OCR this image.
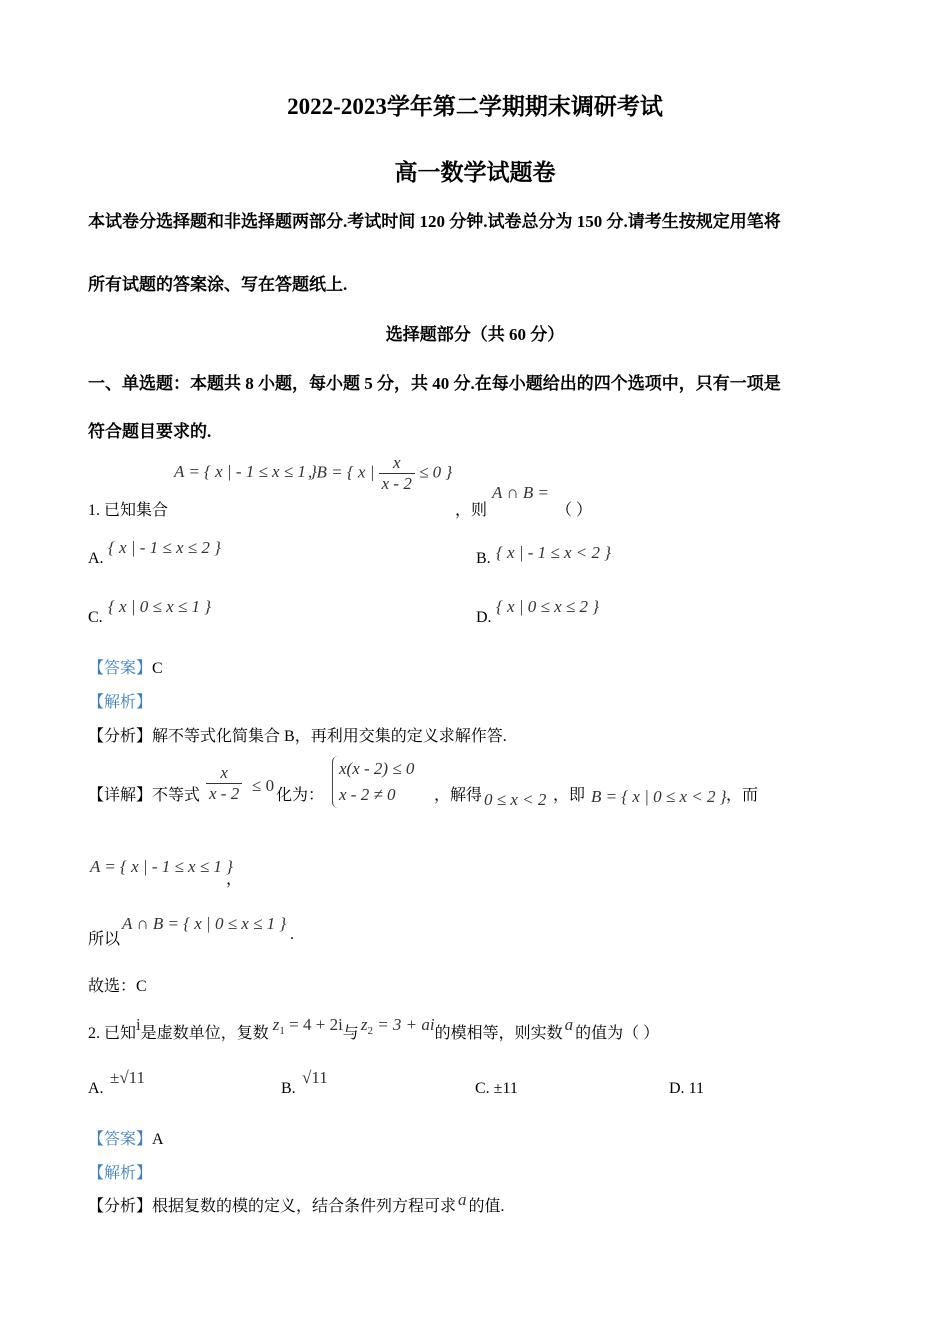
2022-2023学年第二学期期末调研考试
高一数学试题卷
本试卷分选择题和非选择题两部分.考试时间 120 分钟.试卷总分为 150 分.请考生按规定用笔将
所有试题的答案涂、写在答题纸上.
选择题部分（共 60 分）
一、单选题：本题共 8 小题，每小题 5 分，共 40 分.在每小题给出的四个选项中，只有一项是
符合题目要求的.
1. 已知集合
A = { x | - 1 ≤ x ≤ 1 }
, B = { x | $\frac{x}{x - 2} \le 0$ }
，则
A ∩ B =
（ ）
A.
{ x | - 1 ≤ x ≤ 2 }
B. { x | - 1 ≤ x < 2 }
C.
{ x | 0 ≤ x ≤ 1 }
D.
{ x | 0 ≤ x ≤ 2 }
【答案】C
【解析】
【分析】解不等式化简集合 B，再利用交集的定义求解作答.
【详解】不等式 $\frac{x}{x - 2} \le 0$
化为：
x(x - 2) ≤ 0
x - 2 ≠ 0	，解得 0 ≤ x < 2 ，即 B = { x | 0 ≤ x < 2 } ，而
A = { x | - 1 ≤ x ≤ 1 }
，
所以
A ∩ B = { x | 0 ≤ x ≤ 1 }
.
故选：C
2. 已知i是虚数单位，复数 $z_1 = 4 + 2i$与 $z_2 = 3$ + ai的模相等，则实数 a 的值为（ ）
A.
±√11
B.
√11
C. ±11	D. 11
【答案】A
【解析】
【分析】根据复数的模的定义，结合条件列方程可求 a 的值.
